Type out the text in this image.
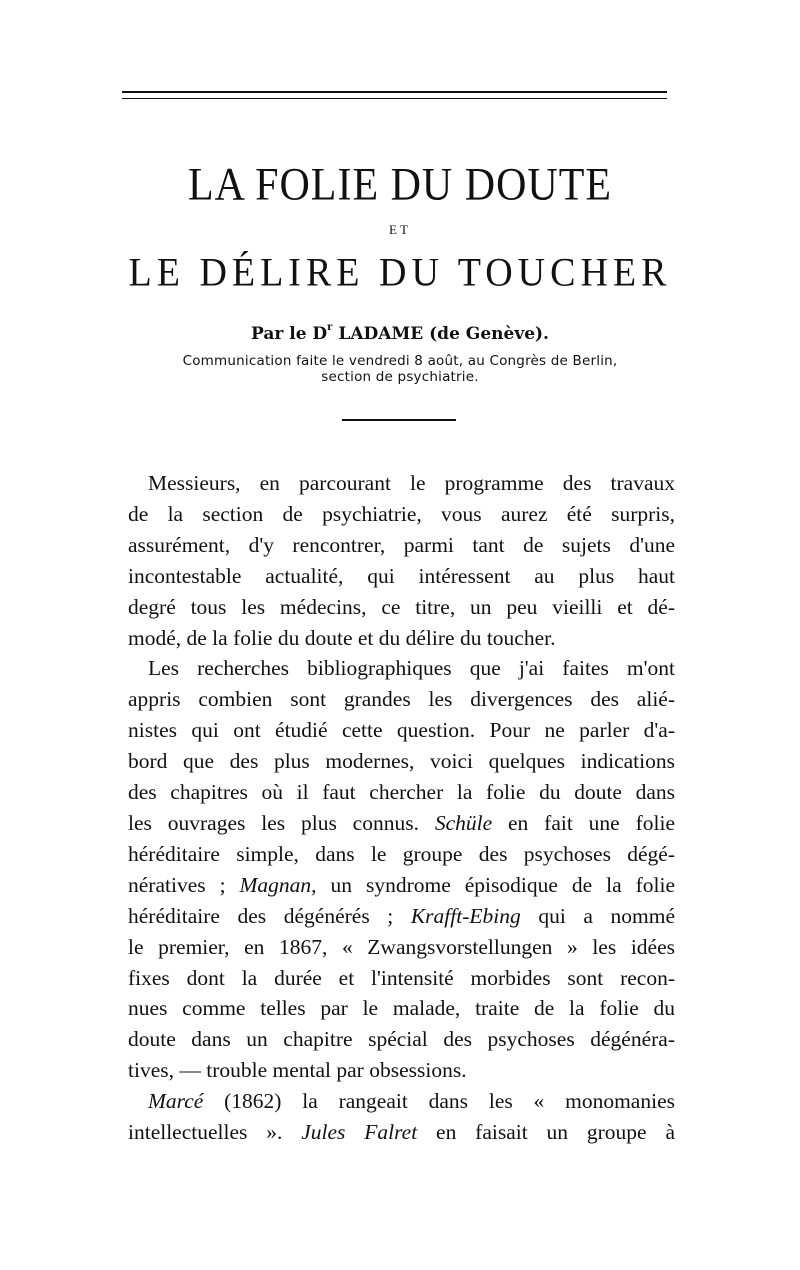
LA FOLIE DU DOUTE
ET
LE DÉLIRE DU TOUCHER
Par le $D^r$ LADAME (de Genève).
Communication faite le vendredi 8 août, au Congrès de Berlin,
section de psychiatrie.
Messieurs, en parcourant le programme des travaux
de la section de psychiatrie, vous aurez été surpris,
assurément, d'y rencontrer, parmi tant de sujets d'une
incontestable actualité, qui intéressent au plus haut
degré tous les médecins, ce titre, un peu vieilli et dé-
modé, de la folie du doute et du délire du toucher.
Les recherches bibliographiques que j'ai faites m'ont
appris combien sont grandes les divergences des alié-
nistes qui ont étudié cette question. Pour ne parler d'a-
bord que des plus modernes, voici quelques indications
des chapitres où il faut chercher la folie du doute dans
les ouvrages les plus connus. Schüle en fait une folie
héréditaire simple, dans le groupe des psychoses dégé-
nératives ; Magnan, un syndrome épisodique de la folie
héréditaire des dégénérés ; Krafft-Ebing qui a nommé
le premier, en 1867, « Zwangsvorstellungen » les idées
fixes dont la durée et l'intensité morbides sont recon-
nues comme telles par le malade, traite de la folie du
doute dans un chapitre spécial des psychoses dégénéra-
tives, — trouble mental par obsessions.
Marcé (1862) la rangeait dans les « monomanies
intellectuelles ». Jules Falret en faisait un groupe à
